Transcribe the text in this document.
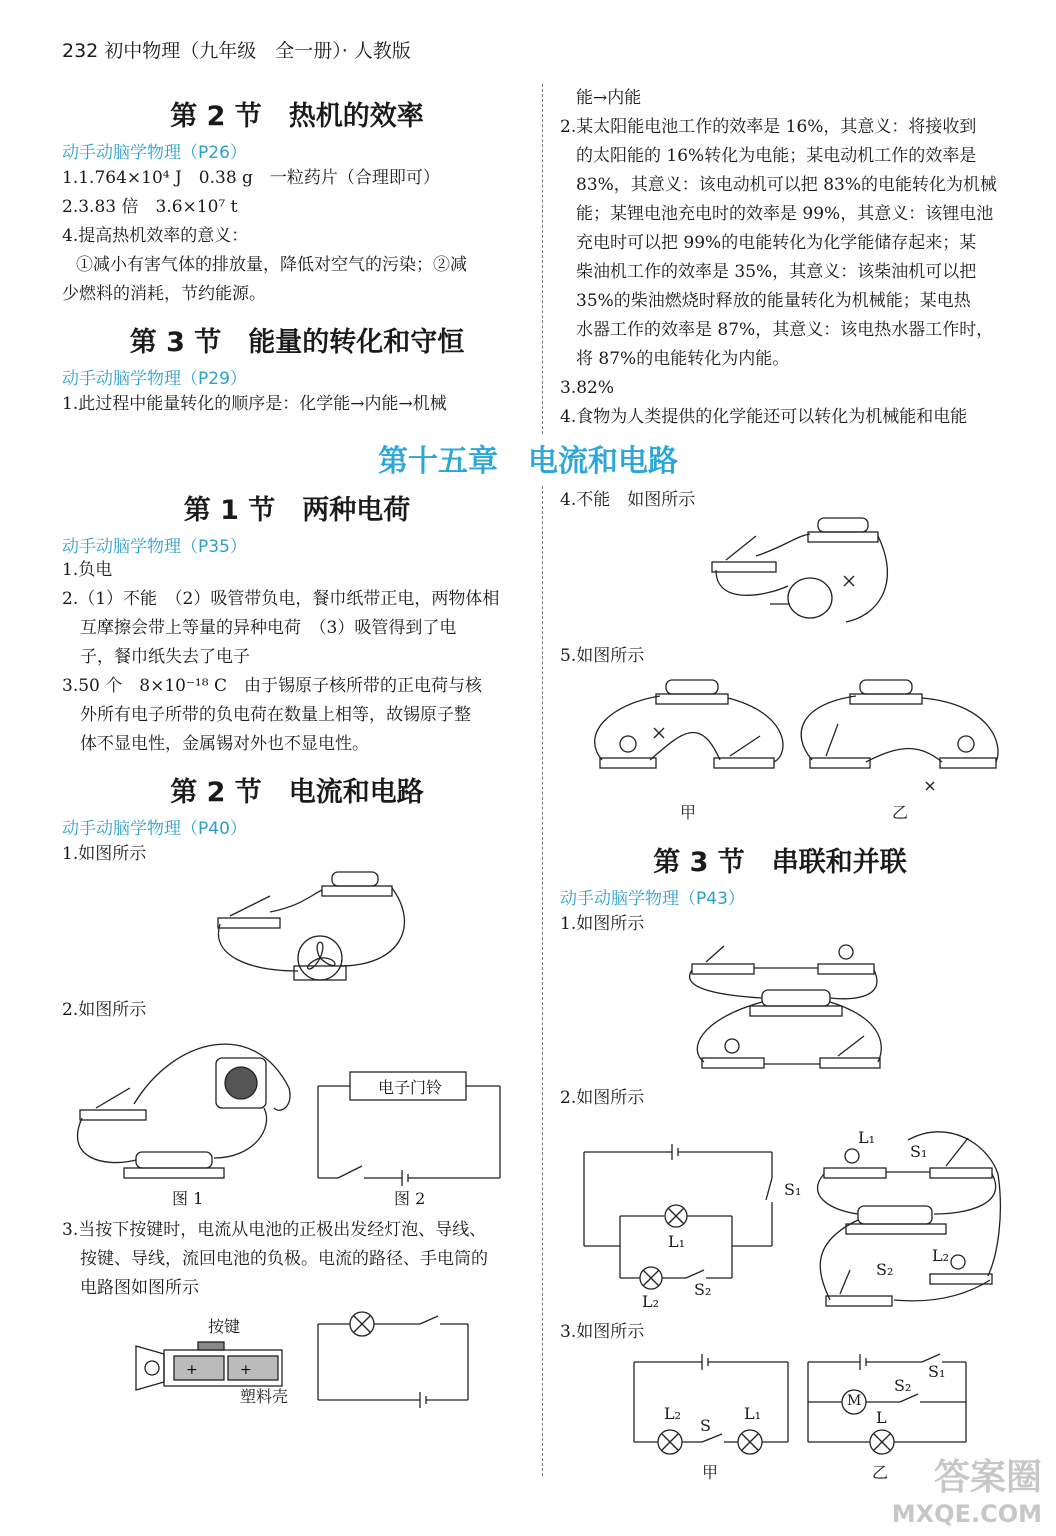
232 初中物理（九年级　全一册）· 人教版
第 2 节　热机的效率
动手动脑学物理（P26）
1.1.764×10⁴ J　0.38 g　一粒药片（合理即可）
2.3.83 倍　3.6×10⁷ t
4.提高热机效率的意义：
①减小有害气体的排放量，降低对空气的污染；②减
少燃料的消耗，节约能源。
第 3 节　能量的转化和守恒
动手动脑学物理（P29）
1.此过程中能量转化的顺序是：化学能→内能→机械
能→内能
2.某太阳能电池工作的效率是 16%，其意义：将接收到
的太阳能的 16%转化为电能；某电动机工作的效率是
83%，其意义：该电动机可以把 83%的电能转化为机械
能；某锂电池充电时的效率是 99%，其意义：该锂电池
充电时可以把 99%的电能转化为化学能储存起来；某
柴油机工作的效率是 35%，其意义：该柴油机可以把
35%的柴油燃烧时释放的能量转化为机械能；某电热
水器工作的效率是 87%，其意义：该电热水器工作时，
将 87%的电能转化为内能。
3.82%
4.食物为人类提供的化学能还可以转化为机械能和电能
第十五章　电流和电路
第 1 节　两种电荷
动手动脑学物理（P35）
1.负电
2.（1）不能　（2）吸管带负电，餐巾纸带正电，两物体相
互摩擦会带上等量的异种电荷　（3）吸管得到了电
子，餐巾纸失去了电子
3.50 个　8×10⁻¹⁸ C　由于锡原子核所带的正电荷与核
外所有电子所带的负电荷在数量上相等，故锡原子整
体不显电性，金属锡对外也不显电性。
第 2 节　电流和电路
动手动脑学物理（P40）
1.如图所示
2.如图所示
图 1
电子门铃
图 2
3.当按下按键时，电流从电池的正极出发经灯泡、导线、
按键、导线，流回电池的负极。电流的路径、手电筒的
电路图如图所示
+	+
按键
塑料壳
4.不能　如图所示
5.如图所示
甲	乙
第 3 节　串联和并联
动手动脑学物理（P43）
1.如图所示
2.如图所示
S₁
L₁
L₂
S₂
L₁
S₁
L₂
S₂
3.如图所示
L₂
S
L₁
甲
M
S₁
S₂
L
乙 答案圈
MXQE.COM
